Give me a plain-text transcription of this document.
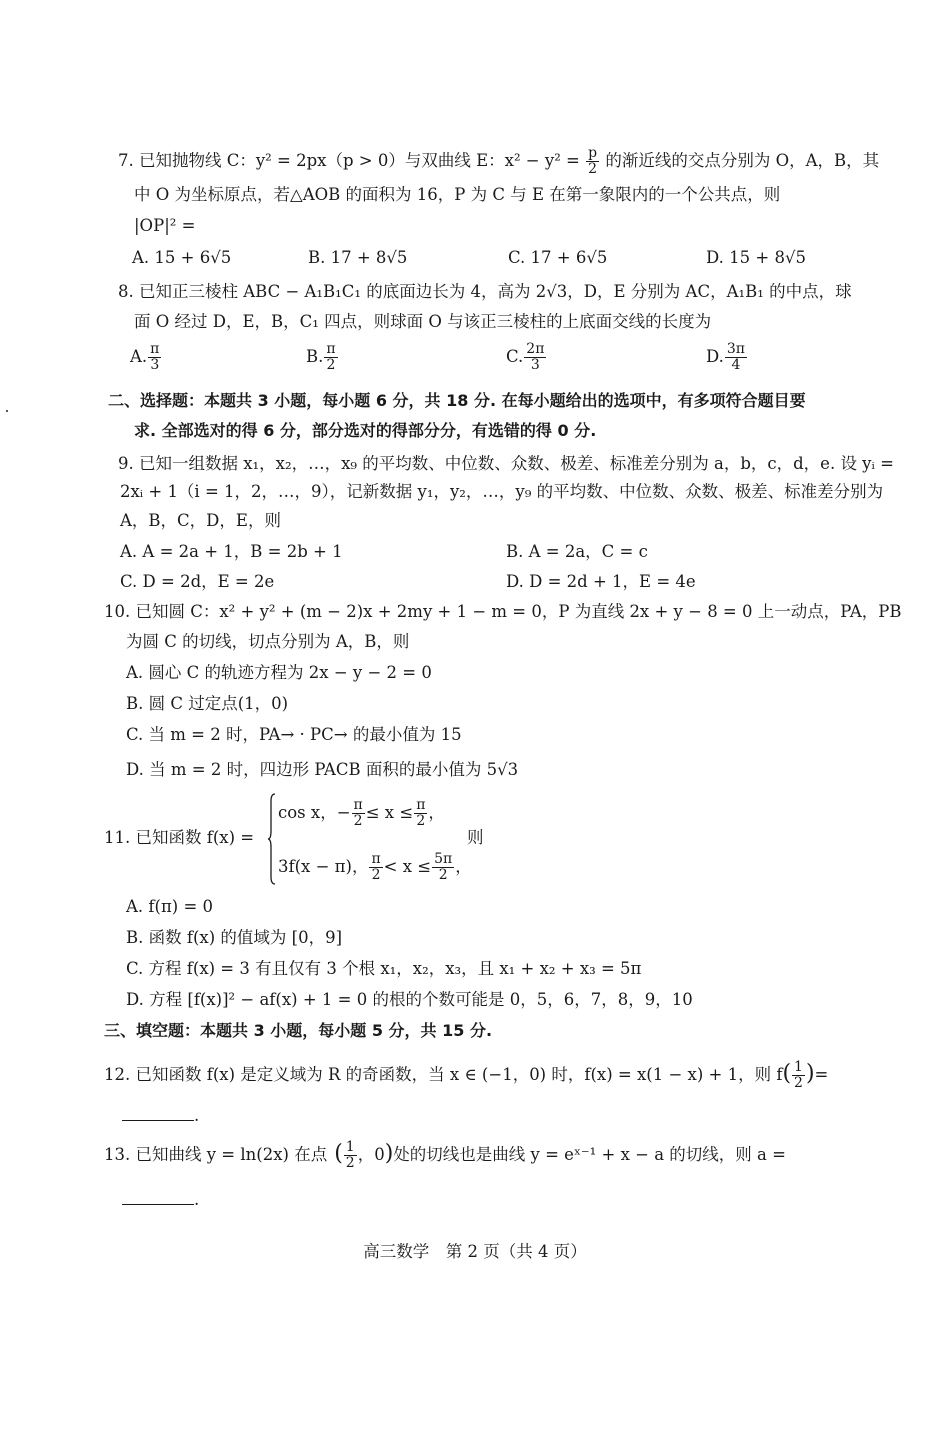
7. 已知抛物线 C：y² = 2px（p > 0）与双曲线 E：$x^2 - y^2 = \frac{p}{2}$ 的渐近线的交点分别为 O，A，B，其
中 O 为坐标原点，若△AOB 的面积为 16，P 为 C 与 E 在第一象限内的一个公共点，则
|OP|² =
A. 15 + 6√5	B. 17 + 8√5	C. 17 + 6√5	D. 15 + 8√5
8. 已知正三棱柱 ABC − A₁B₁C₁ 的底面边长为 4，高为 2√3，D，E 分别为 AC，A₁B₁ 的中点，球
面 O 经过 D，E，B，C₁ 四点，则球面 O 与该正三棱柱的上底面交线的长度为
A. $\frac{\pi}{3}$	B. $\frac{\pi}{2}$	C. $\frac{2\pi}{3}$	D. $\frac{3\pi}{4}$
二、选择题：本题共 3 小题，每小题 6 分，共 18 分. 在每小题给出的选项中，有多项符合题目要
求. 全部选对的得 6 分，部分选对的得部分分，有选错的得 0 分.
9. 已知一组数据 x₁，x₂，…，x₉ 的平均数、中位数、众数、极差、标准差分别为 a，b，c，d，e. 设 yᵢ =
2xᵢ + 1（i = 1，2，…，9），记新数据 y₁，y₂，…，y₉ 的平均数、中位数、众数、极差、标准差分别为
A，B，C，D，E，则
A. A = 2a + 1，B = 2b + 1	B. A = 2a，C = c
C. D = 2d，E = 2e	D. D = 2d + 1，E = 4e
10. 已知圆 C：x² + y² + (m − 2)x + 2my + 1 − m = 0，P 为直线 2x + y − 8 = 0 上一动点，PA，PB
为圆 C 的切线，切点分别为 A，B，则
A. 圆心 C 的轨迹方程为 2x − y − 2 = 0
B. 圆 C 过定点(1，0)
C. 当 m = 2 时，PA→ · PC→ 的最小值为 15
D. 当 m = 2 时，四边形 PACB 面积的最小值为 5√3
11. 已知函数 f(x) =
cos x，− $\frac{\pi}{2} \le x \le \frac{\pi}{2}$ ，
3f(x − π)， $\frac{\pi}{2} < x \le \frac{5\pi}{2}$ ，
则
A. f(π) = 0
B. 函数 f(x) 的值域为 [0，9]
C. 方程 f(x) = 3 有且仅有 3 个根 x₁，x₂，x₃，且 x₁ + x₂ + x₃ = 5π
D. 方程 [f(x)]² − af(x) + 1 = 0 的根的个数可能是 0，5，6，7，8，9，10
三、填空题：本题共 3 小题，每小题 5 分，共 15 分.
12. 已知函数 f(x) 是定义域为 R 的奇函数，当 x ∈ (−1，0) 时，f(x) = x(1 − x) + 1，则 $f( \frac{1}{2}$ )=
.
13. 已知曲线 y = ln(2x) 在点 ( $\frac{1}{2}$ ，0)处的切线也是曲线 y = eˣ⁻¹ + x − a 的切线，则 a =
.
高三数学　第 2 页（共 4 页）
